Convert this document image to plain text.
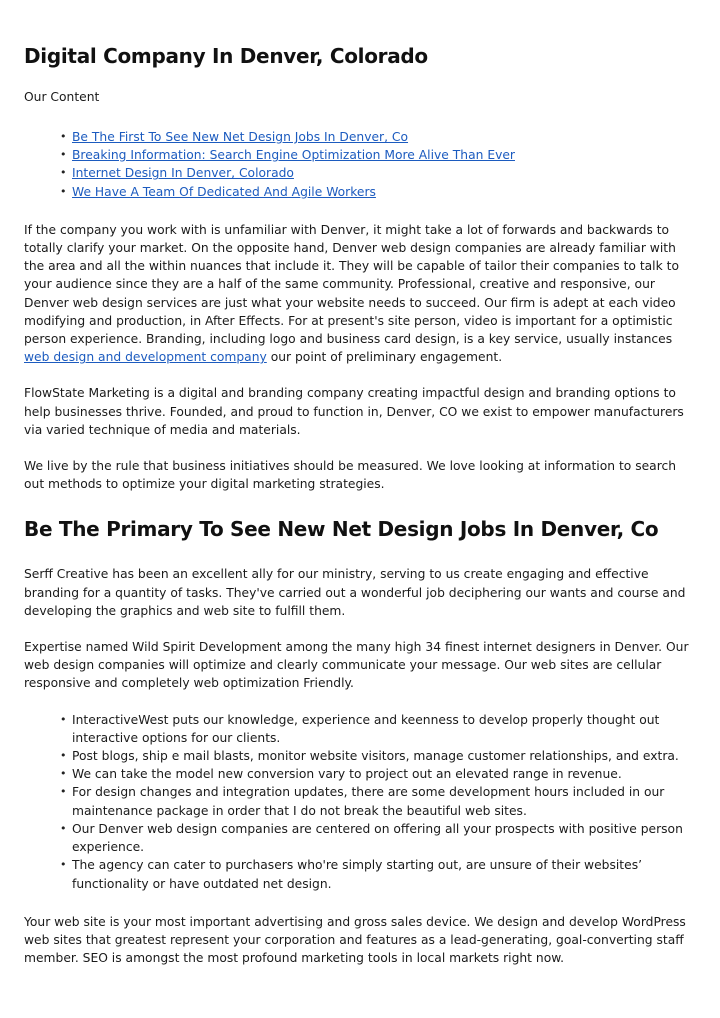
Digital Company In Denver, Colorado
Our Content
• Be The First To See New Net Design Jobs In Denver, Co
• Breaking Information: Search Engine Optimization More Alive Than Ever
• Internet Design In Denver, Colorado
• We Have A Team Of Dedicated And Agile Workers

If the company you work with is unfamiliar with Denver, it might take a lot of forwards and backwards to totally clarify your market. On the opposite hand, Denver web design companies are already familiar with the area and all the within nuances that include it. They will be capable of tailor their companies to talk to your audience since they are a half of the same community. Professional, creative and responsive, our Denver web design services are just what your website needs to succeed. Our firm is adept at each video modifying and production, in After Effects. For at present's site person, video is important for a optimistic person experience. Branding, including logo and business card design, is a key service, usually instances web design and development company our point of preliminary engagement.

FlowState Marketing is a digital and branding company creating impactful design and branding options to help businesses thrive. Founded, and proud to function in, Denver, CO we exist to empower manufacturers via varied technique of media and materials.

We live by the rule that business initiatives should be measured. We love looking at information to search out methods to optimize your digital marketing strategies.

Be The Primary To See New Net Design Jobs In Denver, Co

Serff Creative has been an excellent ally for our ministry, serving to us create engaging and effective branding for a quantity of tasks. They've carried out a wonderful job deciphering our wants and course and developing the graphics and web site to fulfill them.

Expertise named Wild Spirit Development among the many high 34 finest internet designers in Denver. Our web design companies will optimize and clearly communicate your message. Our web sites are cellular responsive and completely web optimization Friendly.

• InteractiveWest puts our knowledge, experience and keenness to develop properly thought out interactive options for our clients.
• Post blogs, ship e mail blasts, monitor website visitors, manage customer relationships, and extra.
• We can take the model new conversion vary to project out an elevated range in revenue.
• For design changes and integration updates, there are some development hours included in our maintenance package in order that I do not break the beautiful web sites.
• Our Denver web design companies are centered on offering all your prospects with positive person experience.
• The agency can cater to purchasers who're simply starting out, are unsure of their websites’ functionality or have outdated net design.

Your web site is your most important advertising and gross sales device. We design and develop WordPress web sites that greatest represent your corporation and features as a lead-generating, goal-converting staff member. SEO is amongst the most profound marketing tools in local markets right now.
